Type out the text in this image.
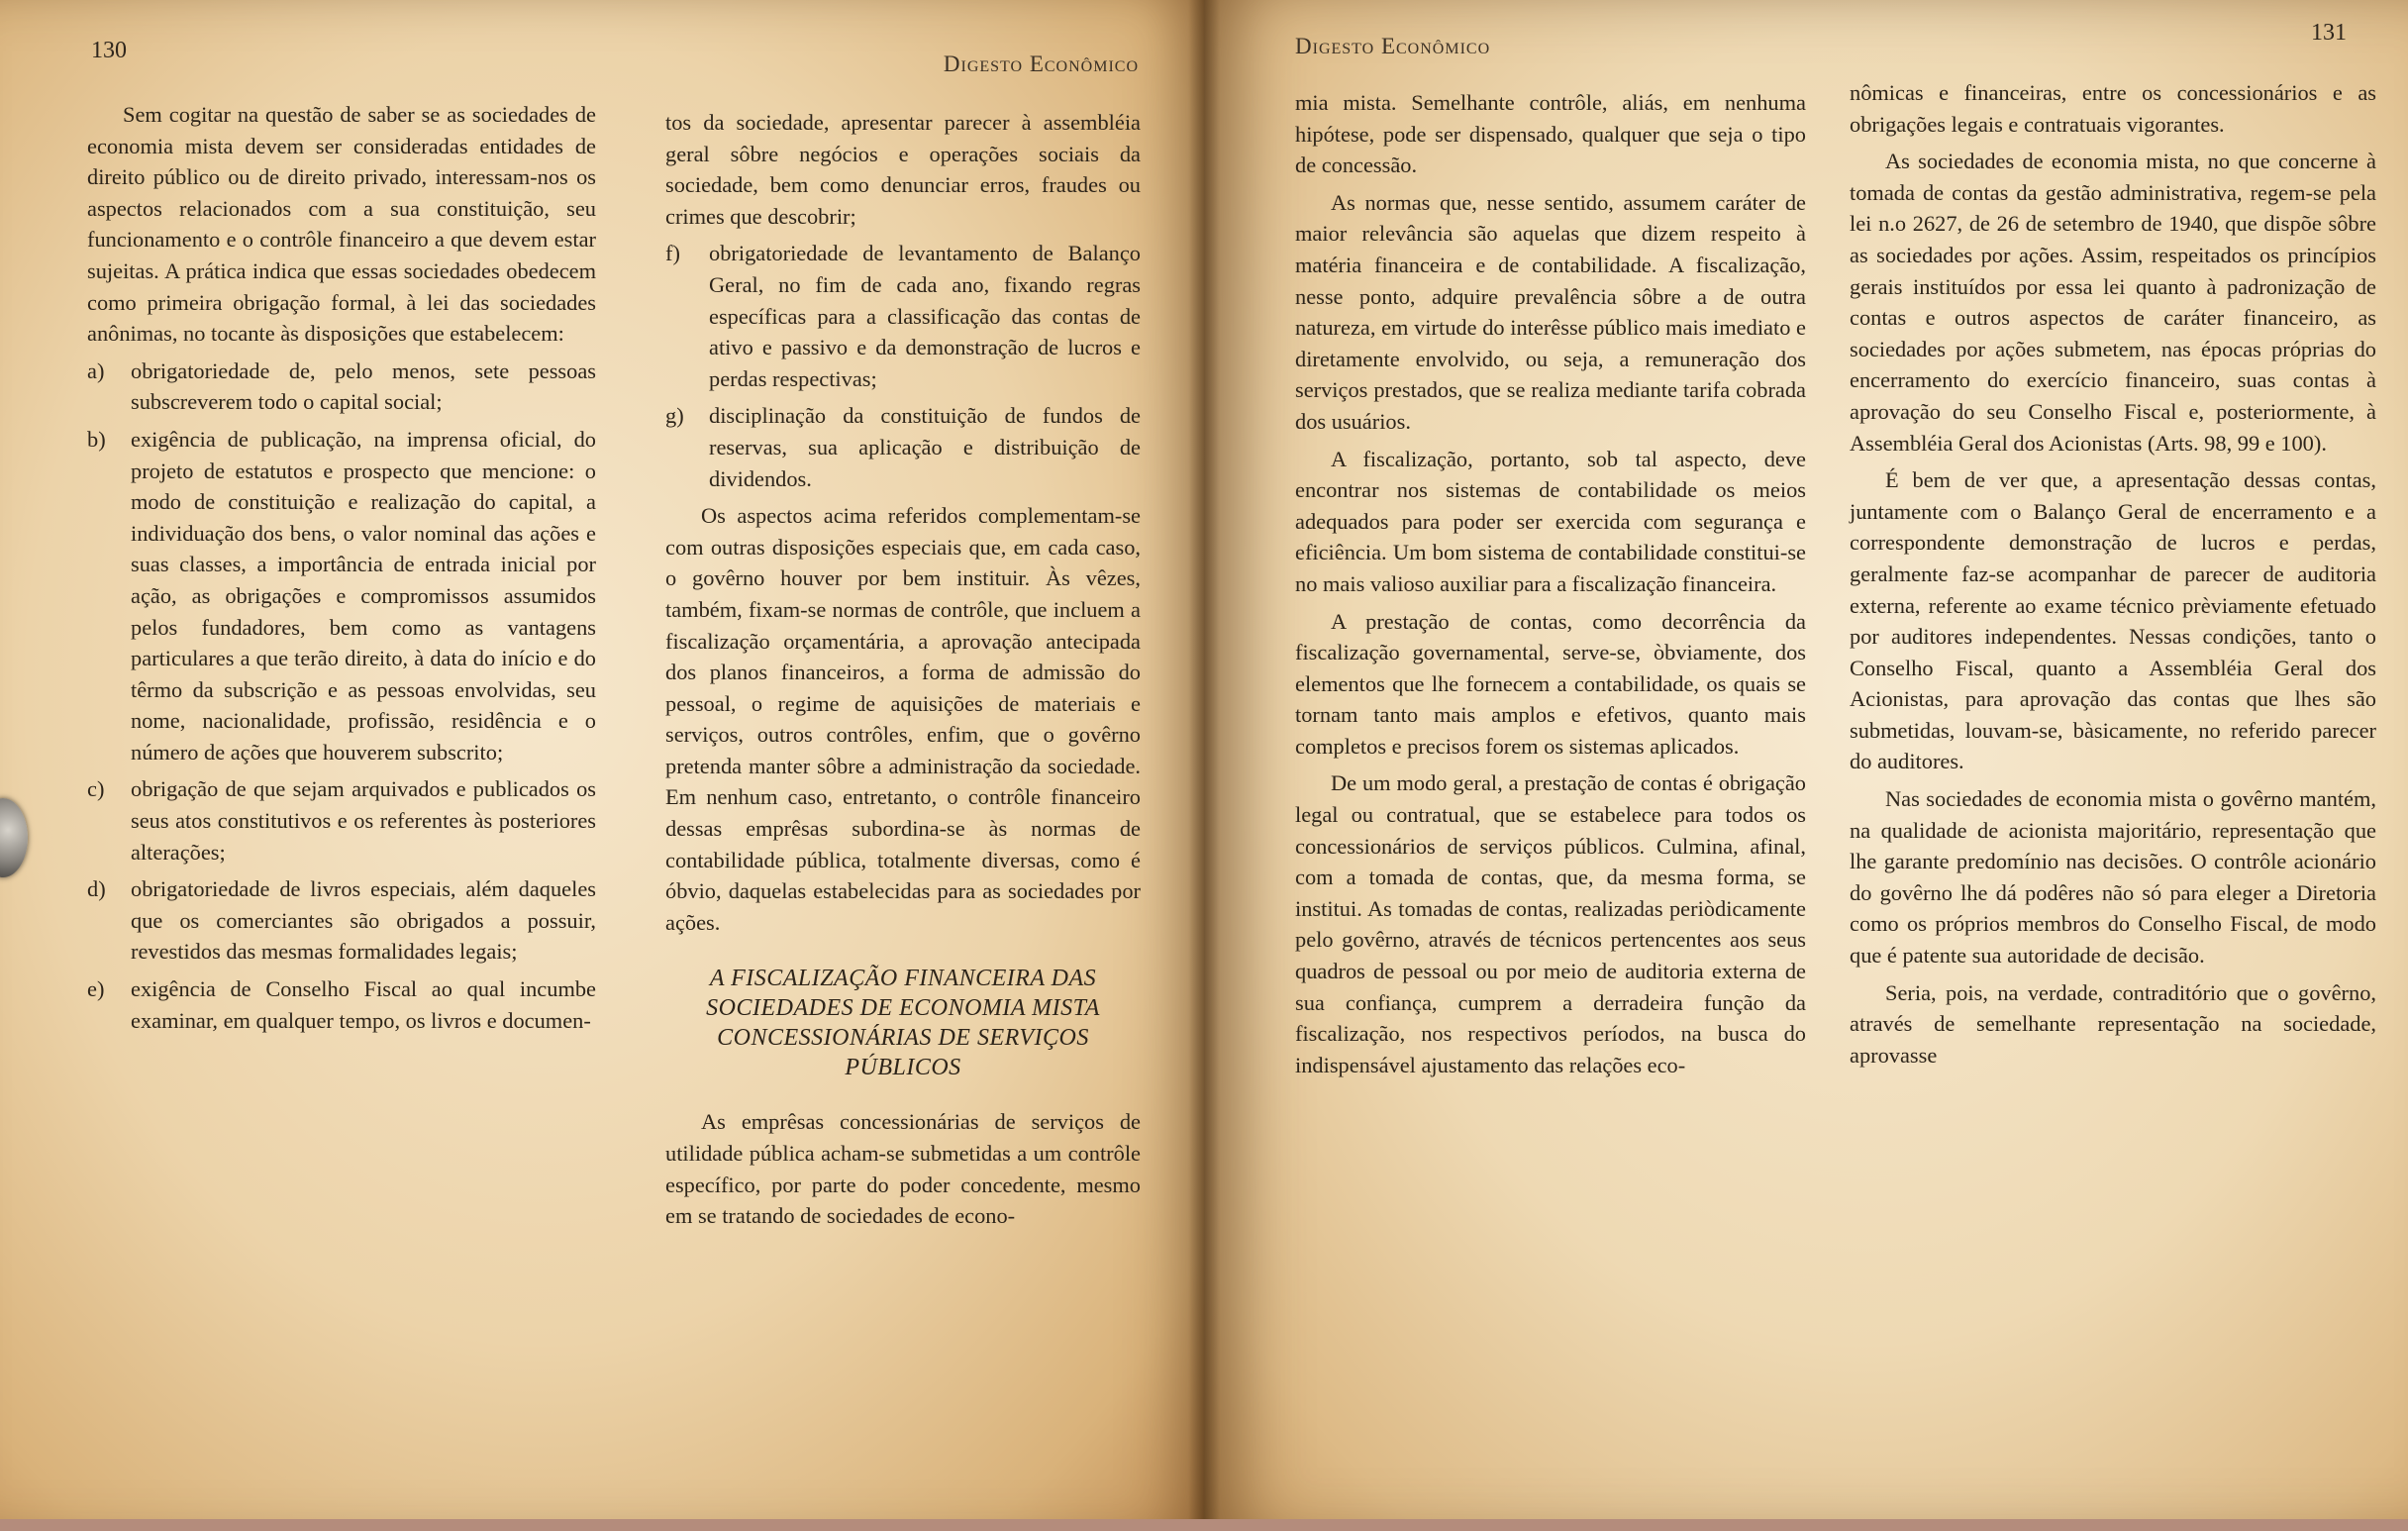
130
Digesto Econômico

Sem cogitar na questão de saber se as sociedades de economia mista devem ser consideradas entidades de direito público ou de direito privado, interessam-nos os aspectos relacionados com a sua constituição, seu funcionamento e o contrôle financeiro a que devem estar sujeitas. A prática indica que essas sociedades obedecem como primeira obrigação formal, à lei das sociedades anônimas, no tocante às disposições que estabelecem:

a)	obrigatoriedade de, pelo menos, sete pessoas subscreverem todo o capital social;
b)	exigência de publicação, na imprensa oficial, do projeto de estatutos e prospecto que mencione: o modo de constituição e realização do capital, a individuação dos bens, o valor nominal das ações e suas classes, a importância de entrada inicial por ação, as obrigações e compromissos assumidos pelos fundadores, bem como as vantagens particulares a que terão direito, à data do início e do têrmo da subscrição e as pessoas envolvidas, seu nome, nacionalidade, profissão, residência e o número de ações que houverem subscrito;
c)	obrigação de que sejam arquivados e publicados os seus atos constitutivos e os referentes às posteriores alterações;
d)	obrigatoriedade de livros especiais, além daqueles que os comerciantes são obrigados a possuir, revestidos das mesmas formalidades legais;
e)	exigência de Conselho Fiscal ao qual incumbe examinar, em qualquer tempo, os livros e documen-

tos da sociedade, apresentar parecer à assembléia geral sôbre negócios e operações sociais da sociedade, bem como denunciar erros, fraudes ou crimes que descobrir;

f)	obrigatoriedade de levantamento de Balanço Geral, no fim de cada ano, fixando regras específicas para a classificação das contas de ativo e passivo e da demonstração de lucros e perdas respectivas;
g)	disciplinação da constituição de fundos de reservas, sua aplicação e distribuição de dividendos.

Os aspectos acima referidos complementam-se com outras disposições especiais que, em cada caso, o govêrno houver por bem instituir. Às vêzes, também, fixam-se normas de contrôle, que incluem a fiscalização orçamentária, a aprovação antecipada dos planos financeiros, a forma de admissão do pessoal, o regime de aquisições de materiais e serviços, outros contrôles, enfim, que o govêrno pretenda manter sôbre a administração da sociedade. Em nenhum caso, entretanto, o contrôle financeiro dessas emprêsas subordina-se às normas de contabilidade pública, totalmente diversas, como é óbvio, daquelas estabelecidas para as sociedades por ações.

A FISCALIZAÇÃO FINANCEIRA DAS SOCIEDADES DE ECONOMIA MISTA CONCESSIONÁRIAS DE SERVIÇOS PÚBLICOS

As emprêsas concessionárias de serviços de utilidade pública acham-se submetidas a um contrôle específico, por parte do poder concedente, mesmo em se tratando de sociedades de econo-

131
Digesto Econômico

mia mista. Semelhante contrôle, aliás, em nenhuma hipótese, pode ser dispensado, qualquer que seja o tipo de concessão.

As normas que, nesse sentido, assumem caráter de maior relevância são aquelas que dizem respeito à matéria financeira e de contabilidade. A fiscalização, nesse ponto, adquire prevalência sôbre a de outra natureza, em virtude do interêsse público mais imediato e diretamente envolvido, ou seja, a remuneração dos serviços prestados, que se realiza mediante tarifa cobrada dos usuários.

A fiscalização, portanto, sob tal aspecto, deve encontrar nos sistemas de contabilidade os meios adequados para poder ser exercida com segurança e eficiência. Um bom sistema de contabilidade constitui-se no mais valioso auxiliar para a fiscalização financeira.

A prestação de contas, como decorrência da fiscalização governamental, serve-se, òbviamente, dos elementos que lhe fornecem a contabilidade, os quais se tornam tanto mais amplos e efetivos, quanto mais completos e precisos forem os sistemas aplicados.

De um modo geral, a prestação de contas é obrigação legal ou contratual, que se estabelece para todos os concessionários de serviços públicos. Culmina, afinal, com a tomada de contas, que, da mesma forma, se institui. As tomadas de contas, realizadas periòdicamente pelo govêrno, através de técnicos pertencentes aos seus quadros de pessoal ou por meio de auditoria externa de sua confiança, cumprem a derradeira função da fiscalização, nos respectivos períodos, na busca do indispensável ajustamento das relações eco-

nômicas e financeiras, entre os concessionários e as obrigações legais e contratuais vigorantes.

As sociedades de economia mista, no que concerne à tomada de contas da gestão administrativa, regem-se pela lei n.o 2627, de 26 de setembro de 1940, que dispõe sôbre as sociedades por ações. Assim, respeitados os princípios gerais instituídos por essa lei quanto à padronização de contas e outros aspectos de caráter financeiro, as sociedades por ações submetem, nas épocas próprias do encerramento do exercício financeiro, suas contas à aprovação do seu Conselho Fiscal e, posteriormente, à Assembléia Geral dos Acionistas (Arts. 98, 99 e 100).

É bem de ver que, a apresentação dessas contas, juntamente com o Balanço Geral de encerramento e a correspondente demonstração de lucros e perdas, geralmente faz-se acompanhar de parecer de auditoria externa, referente ao exame técnico prèviamente efetuado por auditores independentes. Nessas condições, tanto o Conselho Fiscal, quanto a Assembléia Geral dos Acionistas, para aprovação das contas que lhes são submetidas, louvam-se, bàsicamente, no referido parecer do auditores.

Nas sociedades de economia mista o govêrno mantém, na qualidade de acionista majoritário, representação que lhe garante predomínio nas decisões. O contrôle acionário do govêrno lhe dá podêres não só para eleger a Diretoria como os próprios membros do Conselho Fiscal, de modo que é patente sua autoridade de decisão.

Seria, pois, na verdade, contraditório que o govêrno, através de semelhante representação na sociedade, aprovasse
